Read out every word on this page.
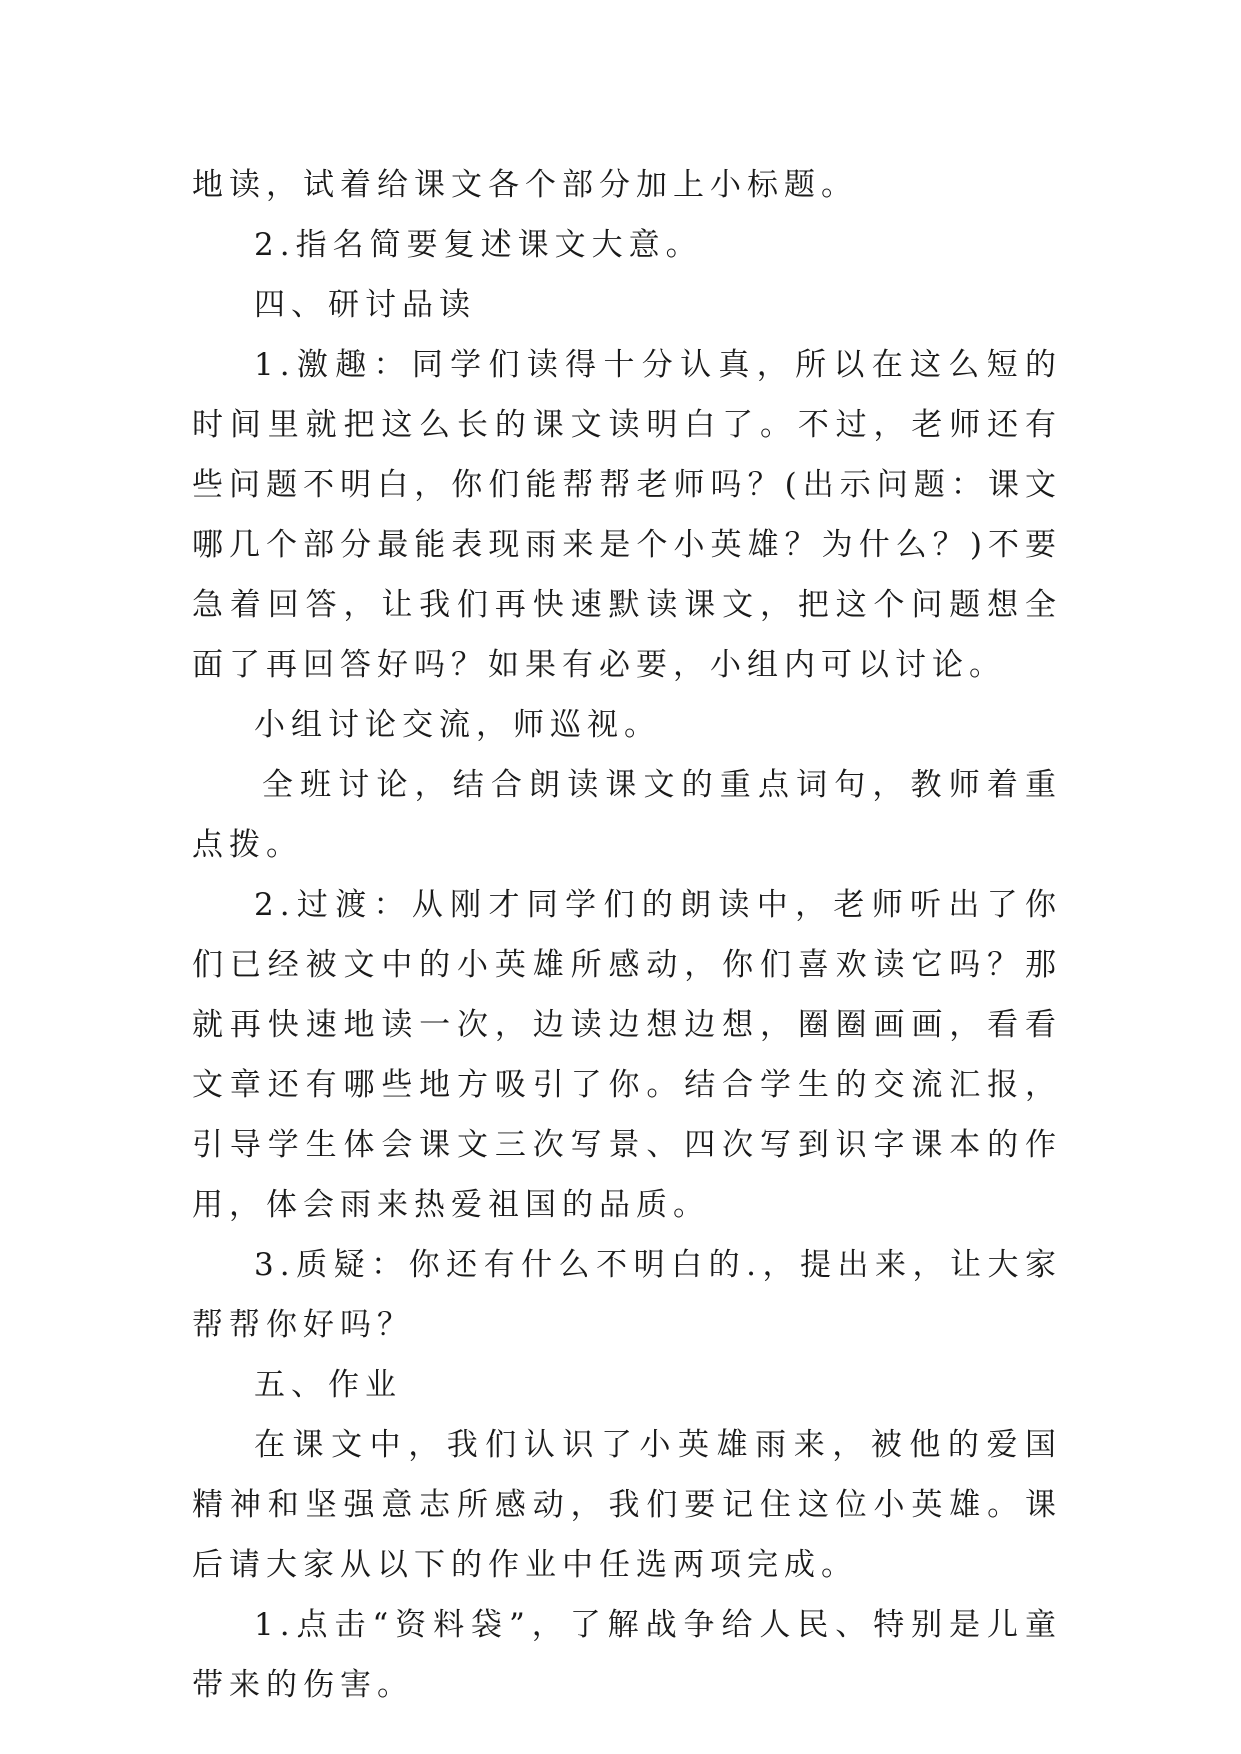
地读，试着给课文各个部分加上小标题。

2.指名简要复述课文大意。

四、研讨品读

1.激趣：同学们读得十分认真，所以在这么短的时间里就把这么长的课文读明白了。不过，老师还有些问题不明白，你们能帮帮老师吗？(出示问题：课文哪几个部分最能表现雨来是个小英雄？为什么？)不要急着回答，让我们再快速默读课文，把这个问题想全面了再回答好吗？如果有必要，小组内可以讨论。

小组讨论交流，师巡视。

全班讨论，结合朗读课文的重点词句，教师着重点拨。

2.过渡：从刚才同学们的朗读中，老师听出了你们已经被文中的小英雄所感动，你们喜欢读它吗？那就再快速地读一次，边读边想边想，圈圈画画，看看文章还有哪些地方吸引了你。结合学生的交流汇报，引导学生体会课文三次写景、四次写到识字课本的作用，体会雨来热爱祖国的品质。

3.质疑：你还有什么不明白的.，提出来，让大家帮帮你好吗？

五、作业

在课文中，我们认识了小英雄雨来，被他的爱国精神和坚强意志所感动，我们要记住这位小英雄。课后请大家从以下的作业中任选两项完成。

1.点击“资料袋”，了解战争给人民、特别是儿童带来的伤害。
